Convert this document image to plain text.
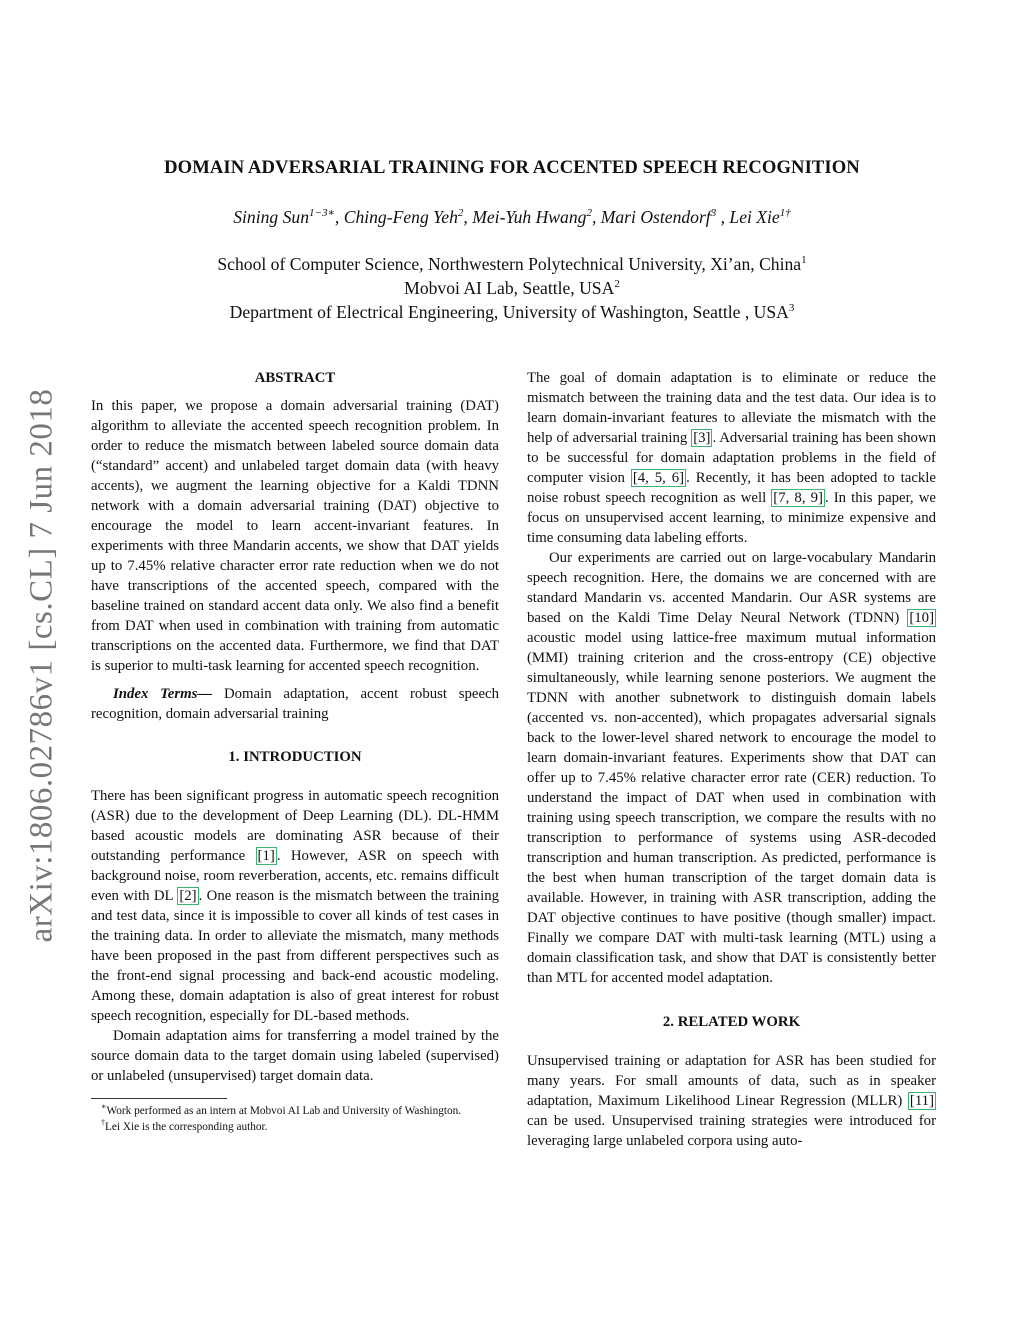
arXiv:1806.02786v1 [cs.CL] 7 Jun 2018
DOMAIN ADVERSARIAL TRAINING FOR ACCENTED SPEECH RECOGNITION
Sining Sun$^{1-3∗}$, Ching-Feng Yeh$^2$, Mei-Yuh Hwang$^2$, Mari Ostendorf$^3$ , Lei Xie$^{1\dagger}$
School of Computer Science, Northwestern Polytechnical University, Xi’an, China$^1$
Mobvoi AI Lab, Seattle, USA$^2$
Department of Electrical Engineering, University of Washington, Seattle , USA$^3$

ABSTRACT

In this paper, we propose a domain adversarial training (DAT) algorithm to alleviate the accented speech recognition problem. In order to reduce the mismatch between labeled source domain data (“standard” accent) and unlabeled target domain data (with heavy accents), we augment the learning objective for a Kaldi TDNN network with a domain adversarial training (DAT) objective to encourage the model to learn accent-invariant features. In experiments with three Mandarin accents, we show that DAT yields up to 7.45% relative character error rate reduction when we do not have transcriptions of the accented speech, compared with the baseline trained on standard accent data only. We also find a benefit from DAT when used in combination with training from automatic transcriptions on the accented data. Furthermore, we find that DAT is superior to multi-task learning for accented speech recognition.

Index Terms— Domain adaptation, accent robust speech recognition, domain adversarial training

1. INTRODUCTION

There has been significant progress in automatic speech recognition (ASR) due to the development of Deep Learning (DL). DL-HMM based acoustic models are dominating ASR because of their outstanding performance [1] . However, ASR on speech with background noise, room reverberation, accents, etc. remains difficult even with DL [2] . One reason is the mismatch between the training and test data, since it is impossible to cover all kinds of test cases in the training data. In order to alleviate the mismatch, many methods have been proposed in the past from different perspectives such as the front-end signal processing and back-end acoustic modeling. Among these, domain adaptation is also of great interest for robust speech recognition, especially for DL-based methods.

Domain adaptation aims for transferring a model trained by the source domain data to the target domain using labeled (supervised) or unlabeled (unsupervised) target domain data.

∗Work performed as an intern at Mobvoi AI Lab and University of Washington.

†Lei Xie is the corresponding author.

The goal of domain adaptation is to eliminate or reduce the mismatch between the training data and the test data. Our idea is to learn domain-invariant features to alleviate the mismatch with the help of adversarial training [3] . Adversarial training has been shown to be successful for domain adaptation problems in the field of computer vision [4, 5, 6] . Recently, it has been adopted to tackle noise robust speech recognition as well [7, 8, 9] . In this paper, we focus on unsupervised accent learning, to minimize expensive and time consuming data labeling efforts.

Our experiments are carried out on large-vocabulary Mandarin speech recognition. Here, the domains we are concerned with are standard Mandarin vs. accented Mandarin. Our ASR systems are based on the Kaldi Time Delay Neural Network (TDNN) [10] acoustic model using lattice-free maximum mutual information (MMI) training criterion and the cross-entropy (CE) objective simultaneously, while learning senone posteriors. We augment the TDNN with another subnetwork to distinguish domain labels (accented vs. non-accented), which propagates adversarial signals back to the lower-level shared network to encourage the model to learn domain-invariant features. Experiments show that DAT can offer up to 7.45% relative character error rate (CER) reduction. To understand the impact of DAT when used in combination with training using speech transcription, we compare the results with no transcription to performance of systems using ASR-decoded transcription and human transcription. As predicted, performance is the best when human transcription of the target domain data is available. However, in training with ASR transcription, adding the DAT objective continues to have positive (though smaller) impact. Finally we compare DAT with multi-task learning (MTL) using a domain classification task, and show that DAT is consistently better than MTL for accented model adaptation.

2. RELATED WORK

Unsupervised training or adaptation for ASR has been studied for many years. For small amounts of data, such as in speaker adaptation, Maximum Likelihood Linear Regression (MLLR) [11] can be used. Unsupervised training strategies were introduced for leveraging large unlabeled corpora using auto-
